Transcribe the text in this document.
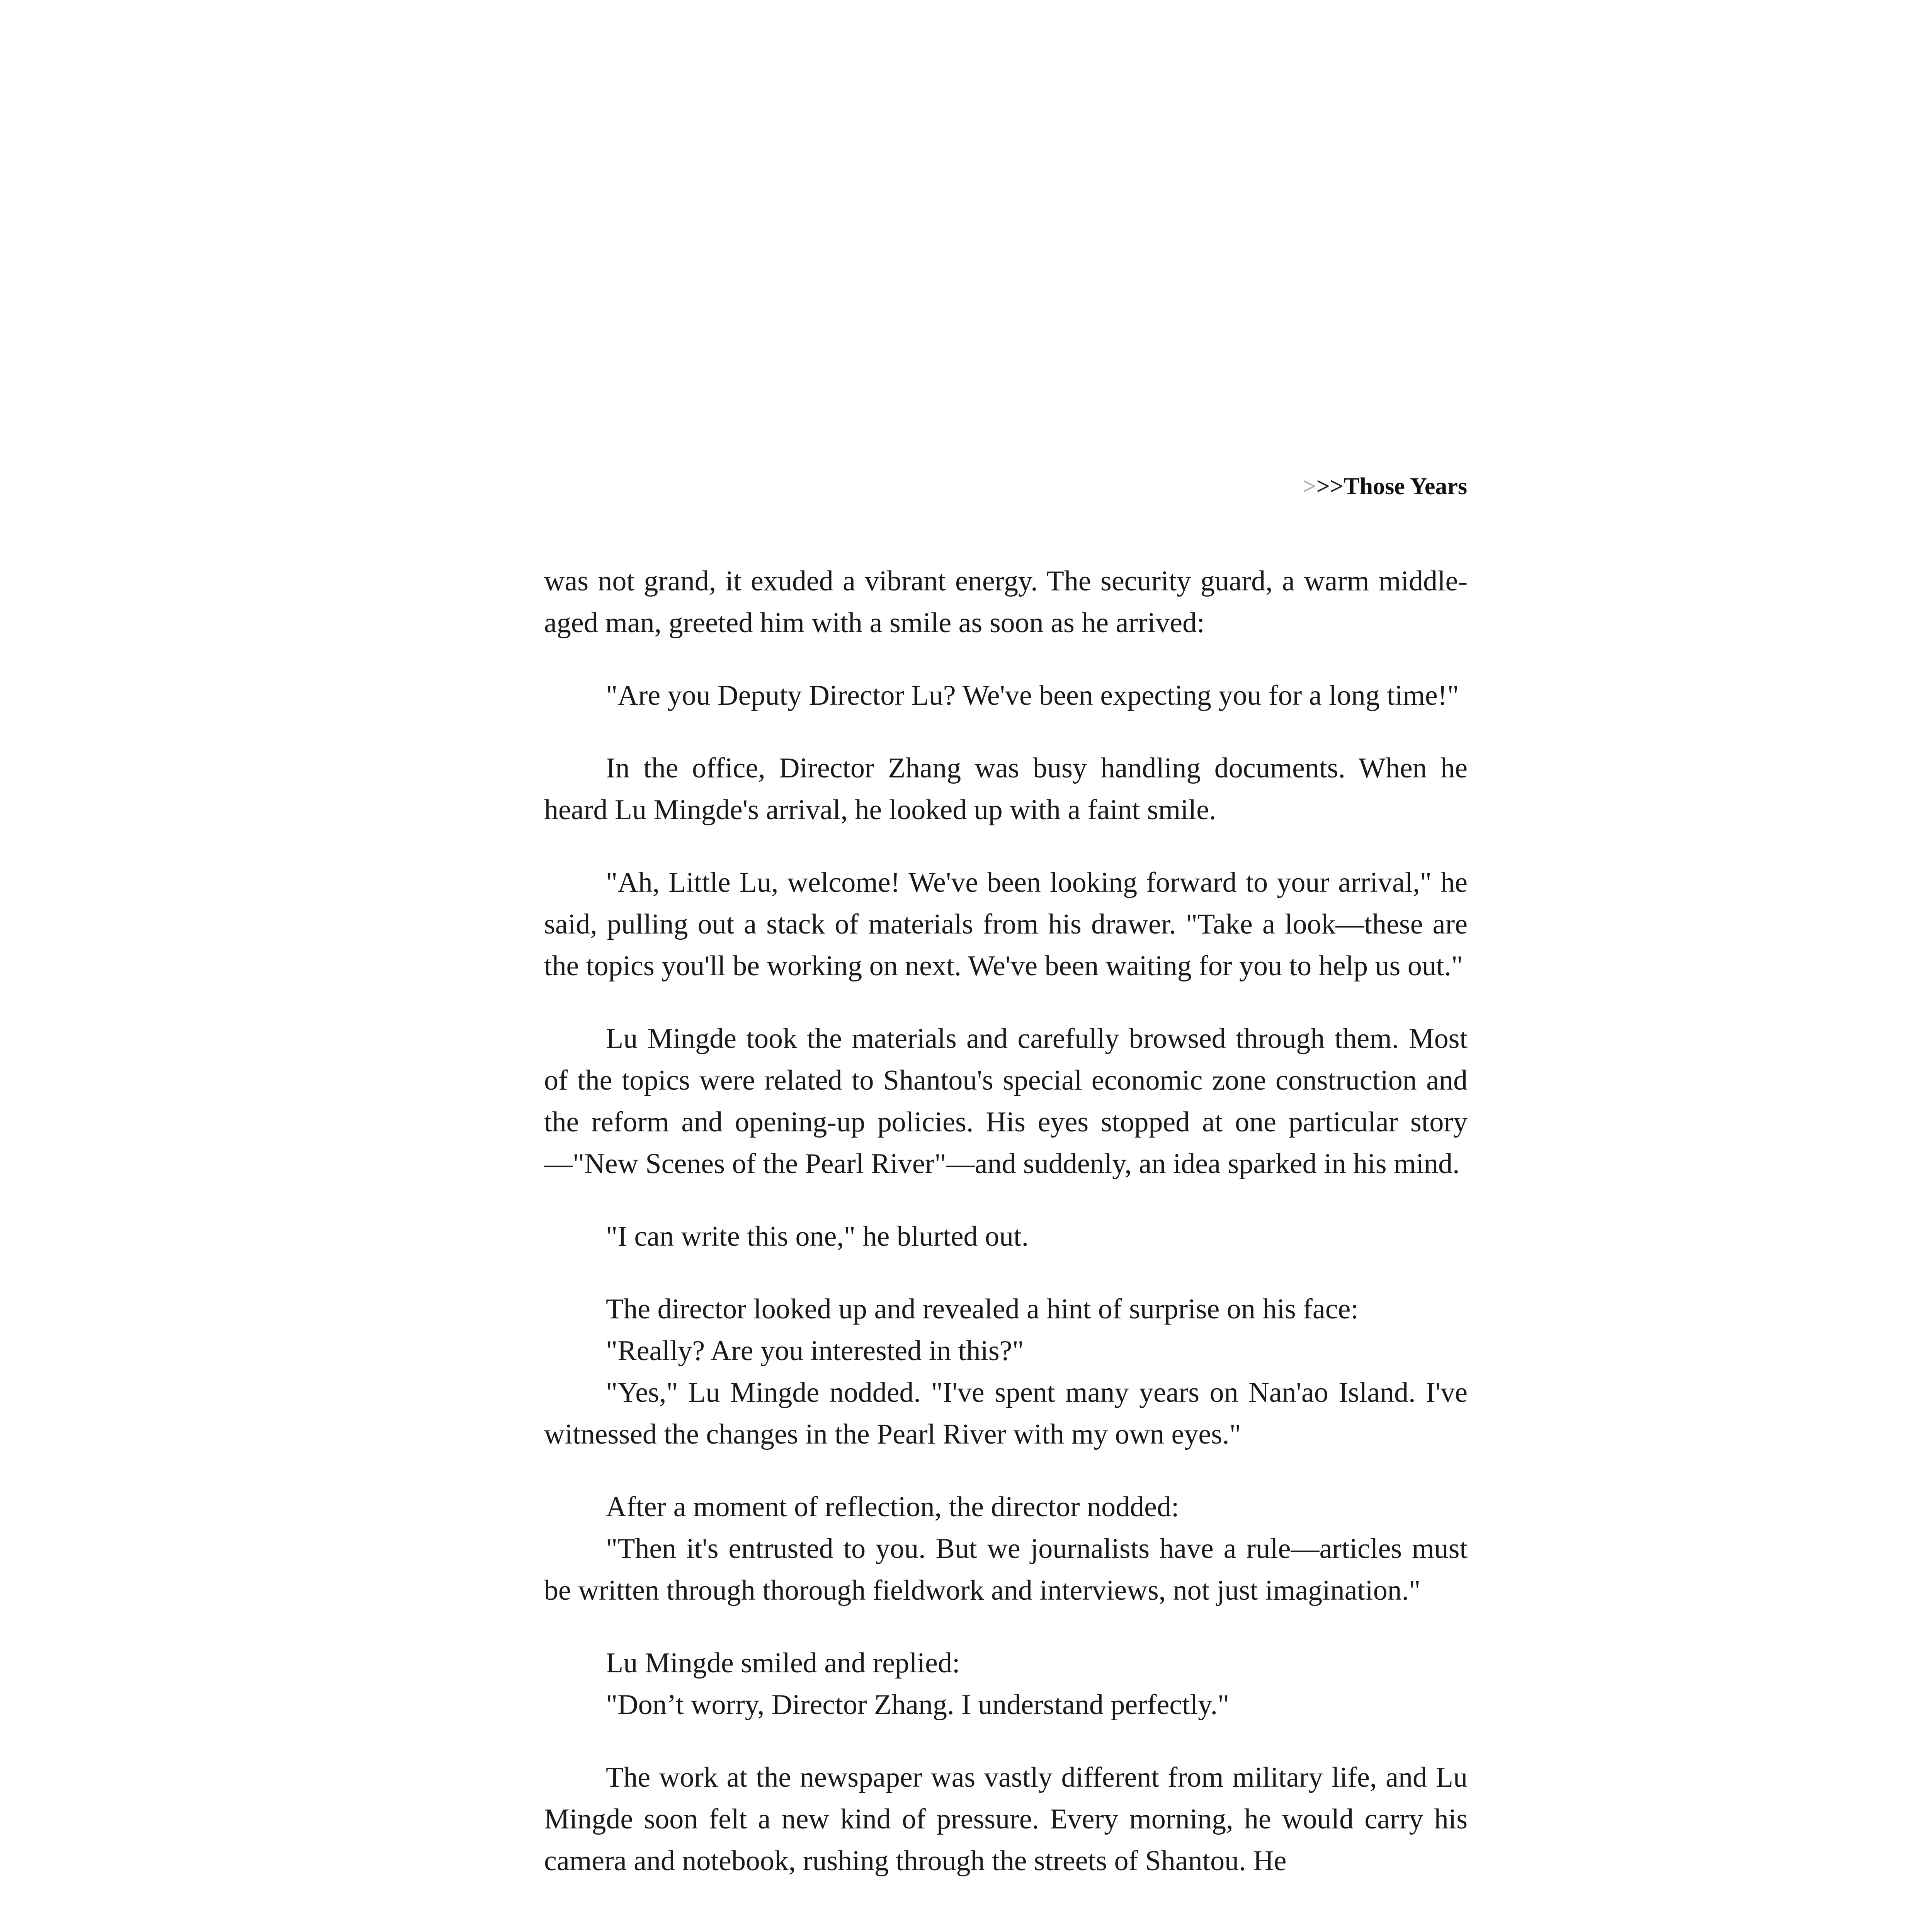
>>>Those Years

was not grand, it exuded a vibrant energy. The security guard, a warm middle-aged man, greeted him with a smile as soon as he arrived:

"Are you Deputy Director Lu? We've been expecting you for a long time!"

In the office, Director Zhang was busy handling documents. When he heard Lu Mingde's arrival, he looked up with a faint smile.

"Ah, Little Lu, welcome! We've been looking forward to your arrival," he said, pulling out a stack of materials from his drawer. "Take a look—these are the topics you'll be working on next. We've been waiting for you to help us out."

Lu Mingde took the materials and carefully browsed through them. Most of the topics were related to Shantou's special economic zone construction and the reform and opening-up policies. His eyes stopped at one particular story—"New Scenes of the Pearl River"—and suddenly, an idea sparked in his mind.

"I can write this one," he blurted out.

The director looked up and revealed a hint of surprise on his face:

"Really? Are you interested in this?"

"Yes," Lu Mingde nodded. "I've spent many years on Nan'ao Island. I've witnessed the changes in the Pearl River with my own eyes."

After a moment of reflection, the director nodded:

"Then it's entrusted to you. But we journalists have a rule—articles must be written through thorough fieldwork and interviews, not just imagination."

Lu Mingde smiled and replied:

"Don’t worry, Director Zhang. I understand perfectly."

The work at the newspaper was vastly different from military life, and Lu Mingde soon felt a new kind of pressure. Every morning, he would carry his camera and notebook, rushing through the streets of Shantou. He
